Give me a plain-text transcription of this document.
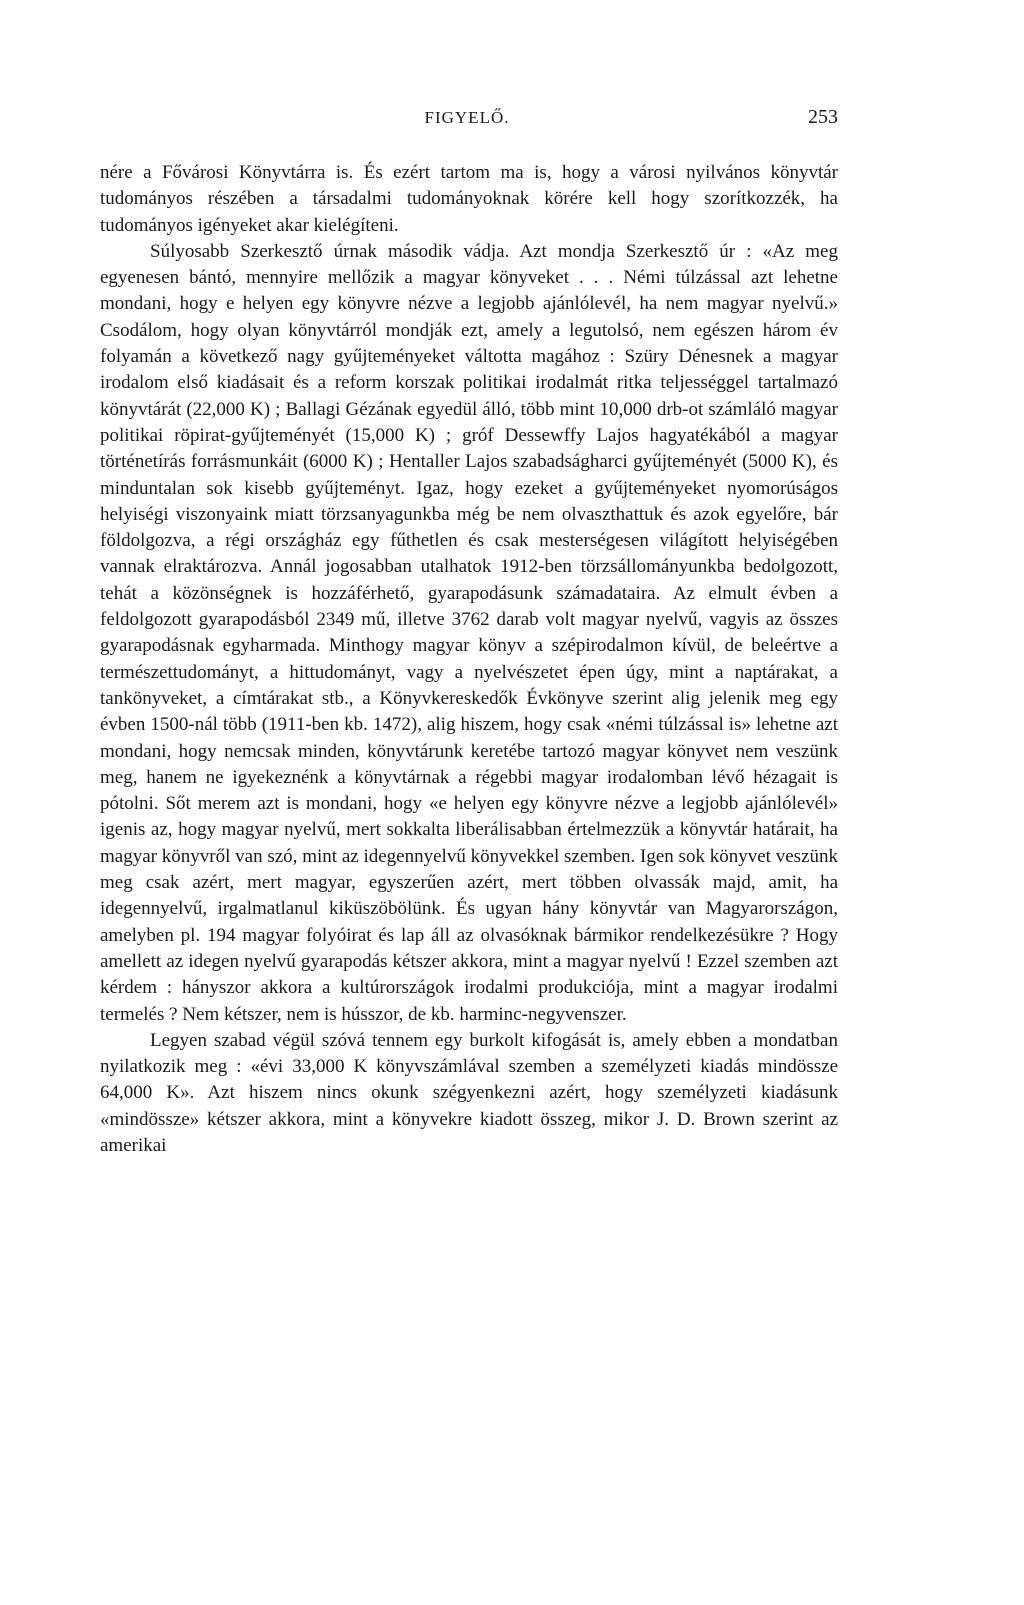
FIGYELŐ.	253

nére a Fővárosi Könyvtárra is. És ezért tartom ma is, hogy a városi nyilvános könyvtár tudományos részében a társadalmi tudományoknak körére kell hogy szorítkozzék, ha tudományos igényeket akar kielégíteni.

Súlyosabb Szerkesztő úrnak második vádja. Azt mondja Szerkesztő úr : «Az meg egyenesen bántó, mennyire mellőzik a magyar könyveket . . . Némi túlzással azt lehetne mondani, hogy e helyen egy könyvre nézve a legjobb ajánlólevél, ha nem magyar nyelvű.» Csodálom, hogy olyan könyvtárról mondják ezt, amely a legutolsó, nem egészen három év folyamán a következő nagy gyűjteményeket váltotta magához : Szüry Dénesnek a magyar irodalom első kiadásait és a reform korszak politikai irodalmát ritka teljességgel tartalmazó könyvtárát (22,000 K) ; Ballagi Gézának egyedül álló, több mint 10,000 drb-ot számláló magyar politikai röpirat-gyűjteményét (15,000 K) ; gróf Dessewffy Lajos hagyatékából a magyar történetírás forrásmunkáit (6000 K) ; Hentaller Lajos szabadságharci gyűjteményét (5000 K), és minduntalan sok kisebb gyűjteményt. Igaz, hogy ezeket a gyűjteményeket nyomorúságos helyiségi viszonyaink miatt törzsanyagunkba még be nem olvaszthattuk és azok egyelőre, bár földolgozva, a régi országház egy fűthetlen és csak mesterségesen világított helyiségében vannak elraktározva. Annál jogosabban utalhatok 1912-ben törzsállományunkba bedolgozott, tehát a közönségnek is hozzáférhető, gyarapodásunk számadataira. Az elmult évben a feldolgozott gyarapodásból 2349 mű, illetve 3762 darab volt magyar nyelvű, vagyis az összes gyarapodásnak egyharmada. Minthogy magyar könyv a szépirodalmon kívül, de beleértve a természettudományt, a hittudományt, vagy a nyelvészetet épen úgy, mint a naptárakat, a tankönyveket, a címtárakat stb., a Könyvkereskedők Évkönyve szerint alig jelenik meg egy évben 1500-nál több (1911-ben kb. 1472), alig hiszem, hogy csak «némi túlzással is» lehetne azt mondani, hogy nemcsak minden, könyvtárunk keretébe tartozó magyar könyvet nem veszünk meg, hanem ne igyekeznénk a könyvtárnak a régebbi magyar irodalomban lévő hézagait is pótolni. Sőt merem azt is mondani, hogy «e helyen egy könyvre nézve a legjobb ajánlólevél» igenis az, hogy magyar nyelvű, mert sokkalta liberálisabban értelmezzük a könyvtár határait, ha magyar könyvről van szó, mint az idegennyelvű könyvekkel szemben. Igen sok könyvet veszünk meg csak azért, mert magyar, egyszerűen azért, mert többen olvassák majd, amit, ha idegennyelvű, irgalmatlanul kiküszöbölünk. És ugyan hány könyvtár van Magyarországon, amelyben pl. 194 magyar folyóirat és lap áll az olvasóknak bármikor rendelkezésükre ? Hogy amellett az idegen nyelvű gyarapodás kétszer akkora, mint a magyar nyelvű ! Ezzel szemben azt kérdem : hányszor akkora a kultúrországok irodalmi produkciója, mint a magyar irodalmi termelés ? Nem kétszer, nem is hússzor, de kb. harminc-negyvenszer.

Legyen szabad végül szóvá tennem egy burkolt kifogását is, amely ebben a mondatban nyilatkozik meg : «évi 33,000 K könyvszámlával szemben a személyzeti kiadás mindössze 64,000 K». Azt hiszem nincs okunk szégyenkezni azért, hogy személyzeti kiadásunk «mindössze» kétszer akkora, mint a könyvekre kiadott összeg, mikor J. D. Brown szerint az amerikai
